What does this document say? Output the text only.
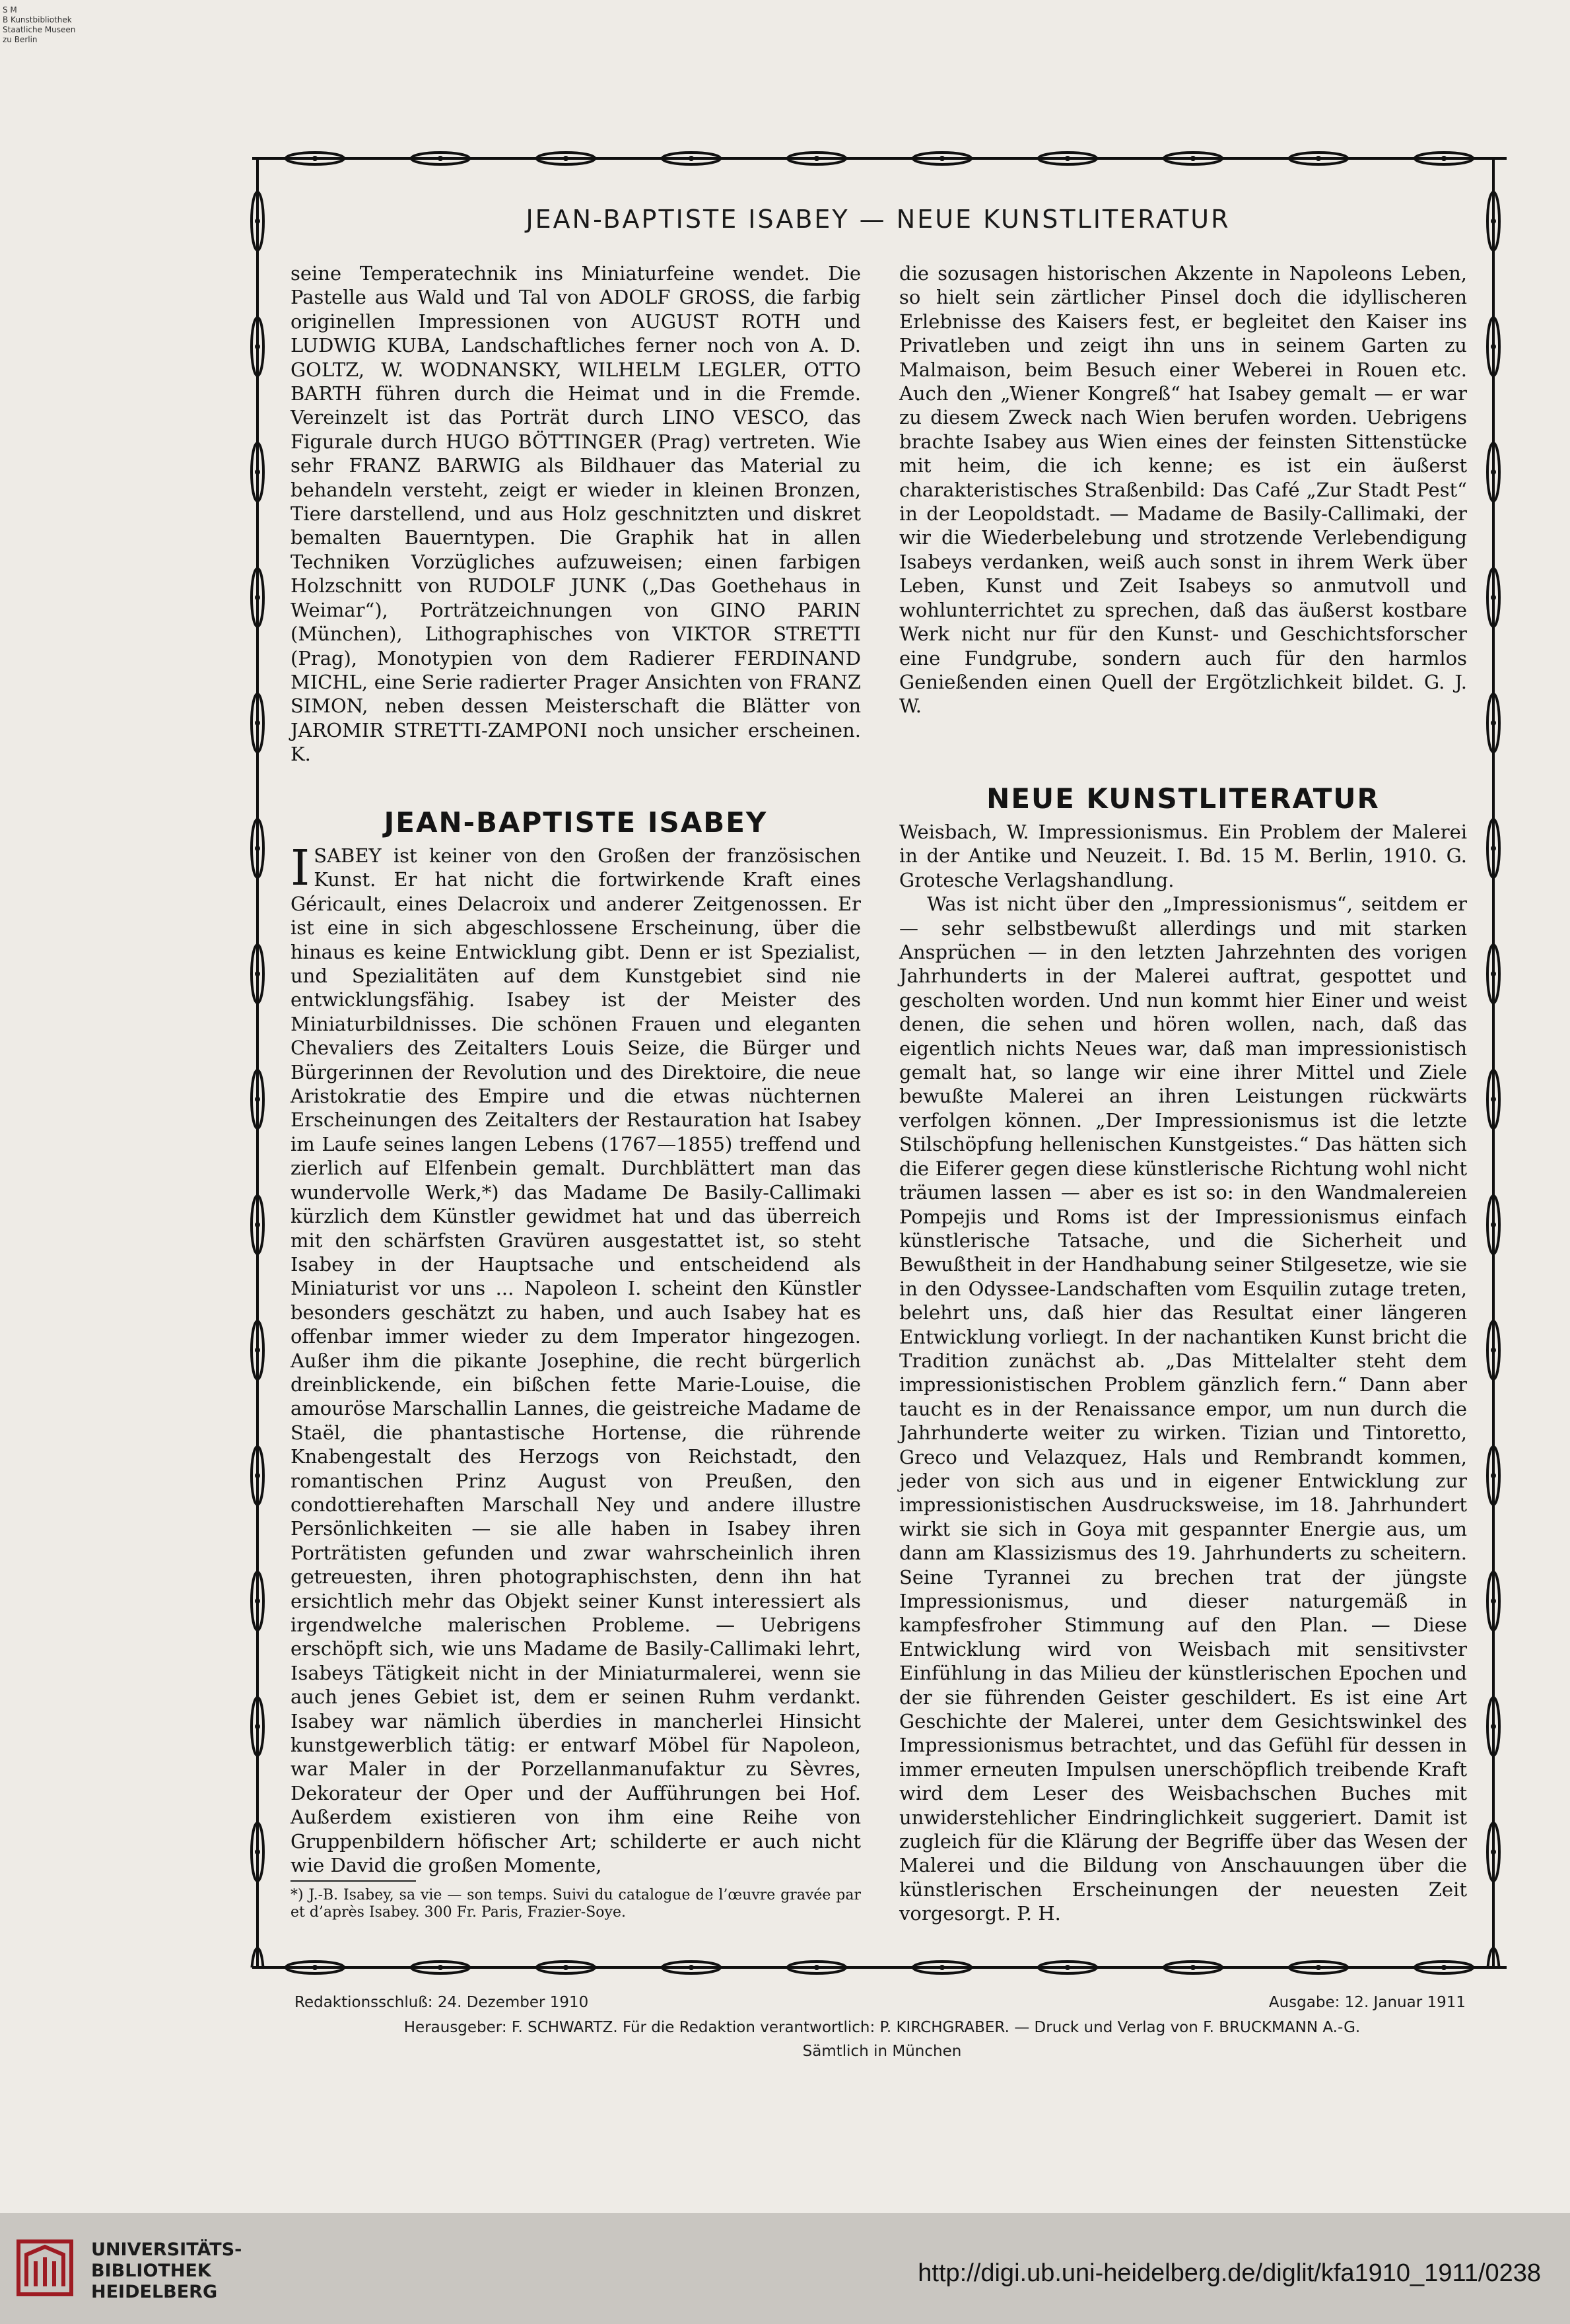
S M
B Kunstbibliothek
Staatliche Museen
zu Berlin
JEAN-BAPTISTE ISABEY — NEUE KUNSTLITERATUR

seine Temperatechnik ins Miniaturfeine wendet. Die Pastelle aus Wald und Tal von ADOLF GROSS, die farbig originellen Impressionen von AUGUST ROTH und LUDWIG KUBA, Landschaftliches ferner noch von A. D. GOLTZ, W. WODNANSKY, WILHELM LEGLER, OTTO BARTH führen durch die Heimat und in die Fremde. Vereinzelt ist das Porträt durch LINO VESCO, das Figurale durch HUGO BÖTTINGER (Prag) vertreten. Wie sehr FRANZ BARWIG als Bildhauer das Material zu behandeln versteht, zeigt er wieder in kleinen Bronzen, Tiere darstellend, und aus Holz geschnitzten und diskret bemalten Bauerntypen. Die Graphik hat in allen Techniken Vorzügliches aufzuweisen; einen farbigen Holzschnitt von RUDOLF JUNK („Das Goethehaus in Weimar“), Porträtzeichnungen von GINO PARIN (München), Lithographisches von VIKTOR STRETTI (Prag), Monotypien von dem Radierer FERDINAND MICHL, eine Serie radierter Prager Ansichten von FRANZ SIMON, neben dessen Meisterschaft die Blätter von JAROMIR STRETTI-ZAMPONI noch unsicher erscheinen. K.

JEAN-BAPTISTE ISABEY

ISABEY ist keiner von den Großen der französischen Kunst. Er hat nicht die fortwirkende Kraft eines Géricault, eines Delacroix und anderer Zeitgenossen. Er ist eine in sich abgeschlossene Erscheinung, über die hinaus es keine Entwicklung gibt. Denn er ist Spezialist, und Spezialitäten auf dem Kunstgebiet sind nie entwicklungsfähig. Isabey ist der Meister des Miniaturbildnisses. Die schönen Frauen und eleganten Chevaliers des Zeitalters Louis Seize, die Bürger und Bürgerinnen der Revolution und des Direktoire, die neue Aristokratie des Empire und die etwas nüchternen Erscheinungen des Zeitalters der Restauration hat Isabey im Laufe seines langen Lebens (1767—1855) treffend und zierlich auf Elfenbein gemalt. Durchblättert man das wundervolle Werk,*) das Madame De Basily-Callimaki kürzlich dem Künstler gewidmet hat und das überreich mit den schärfsten Gravüren ausgestattet ist, so steht Isabey in der Hauptsache und entscheidend als Miniaturist vor uns ... Napoleon I. scheint den Künstler besonders geschätzt zu haben, und auch Isabey hat es offenbar immer wieder zu dem Imperator hingezogen. Außer ihm die pikante Josephine, die recht bürgerlich dreinblickende, ein bißchen fette Marie-Louise, die amouröse Marschallin Lannes, die geistreiche Madame de Staël, die phantastische Hortense, die rührende Knabengestalt des Herzogs von Reichstadt, den romantischen Prinz August von Preußen, den condottierehaften Marschall Ney und andere illustre Persönlichkeiten — sie alle haben in Isabey ihren Porträtisten gefunden und zwar wahrscheinlich ihren getreuesten, ihren photographischsten, denn ihn hat ersichtlich mehr das Objekt seiner Kunst interessiert als irgendwelche malerischen Probleme. — Uebrigens erschöpft sich, wie uns Madame de Basily-Callimaki lehrt, Isabeys Tätigkeit nicht in der Miniaturmalerei, wenn sie auch jenes Gebiet ist, dem er seinen Ruhm verdankt. Isabey war nämlich überdies in mancherlei Hinsicht kunstgewerblich tätig: er entwarf Möbel für Napoleon, war Maler in der Porzellanmanufaktur zu Sèvres, Dekorateur der Oper und der Aufführungen bei Hof. Außerdem existieren von ihm eine Reihe von Gruppenbildern höfischer Art; schilderte er auch nicht wie David die großen Momente,

*) J.-B. Isabey, sa vie — son temps. Suivi du catalogue de l’œuvre gravée par et d’après Isabey. 300 Fr. Paris, Frazier-Soye.

die sozusagen historischen Akzente in Napoleons Leben, so hielt sein zärtlicher Pinsel doch die idyllischeren Erlebnisse des Kaisers fest, er begleitet den Kaiser ins Privatleben und zeigt ihn uns in seinem Garten zu Malmaison, beim Besuch einer Weberei in Rouen etc. Auch den „Wiener Kongreß“ hat Isabey gemalt — er war zu diesem Zweck nach Wien berufen worden. Uebrigens brachte Isabey aus Wien eines der feinsten Sittenstücke mit heim, die ich kenne; es ist ein äußerst charakteristisches Straßenbild: Das Café „Zur Stadt Pest“ in der Leopoldstadt. — Madame de Basily-Callimaki, der wir die Wiederbelebung und strotzende Verlebendigung Isabeys verdanken, weiß auch sonst in ihrem Werk über Leben, Kunst und Zeit Isabeys so anmutvoll und wohlunterrichtet zu sprechen, daß das äußerst kostbare Werk nicht nur für den Kunst- und Geschichtsforscher eine Fundgrube, sondern auch für den harmlos Genießenden einen Quell der Ergötzlichkeit bildet. G. J. W.

NEUE KUNSTLITERATUR

Weisbach, W. Impressionismus. Ein Problem der Malerei in der Antike und Neuzeit. I. Bd. 15 M. Berlin, 1910. G. Grotesche Verlagshandlung.

Was ist nicht über den „Impressionismus“, seitdem er — sehr selbstbewußt allerdings und mit starken Ansprüchen — in den letzten Jahrzehnten des vorigen Jahrhunderts in der Malerei auftrat, gespottet und gescholten worden. Und nun kommt hier Einer und weist denen, die sehen und hören wollen, nach, daß das eigentlich nichts Neues war, daß man impressionistisch gemalt hat, so lange wir eine ihrer Mittel und Ziele bewußte Malerei an ihren Leistungen rückwärts verfolgen können. „Der Impressionismus ist die letzte Stilschöpfung hellenischen Kunstgeistes.“ Das hätten sich die Eiferer gegen diese künstlerische Richtung wohl nicht träumen lassen — aber es ist so: in den Wandmalereien Pompejis und Roms ist der Impressionismus einfach künstlerische Tatsache, und die Sicherheit und Bewußtheit in der Handhabung seiner Stilgesetze, wie sie in den Odyssee-Landschaften vom Esquilin zutage treten, belehrt uns, daß hier das Resultat einer längeren Entwicklung vorliegt. In der nachantiken Kunst bricht die Tradition zunächst ab. „Das Mittelalter steht dem impressionistischen Problem gänzlich fern.“ Dann aber taucht es in der Renaissance empor, um nun durch die Jahrhunderte weiter zu wirken. Tizian und Tintoretto, Greco und Velazquez, Hals und Rembrandt kommen, jeder von sich aus und in eigener Entwicklung zur impressionistischen Ausdrucksweise, im 18. Jahrhundert wirkt sie sich in Goya mit gespannter Energie aus, um dann am Klassizismus des 19. Jahrhunderts zu scheitern. Seine Tyrannei zu brechen trat der jüngste Impressionismus, und dieser naturgemäß in kampfesfroher Stimmung auf den Plan. — Diese Entwicklung wird von Weisbach mit sensitivster Einfühlung in das Milieu der künstlerischen Epochen und der sie führenden Geister geschildert. Es ist eine Art Geschichte der Malerei, unter dem Gesichtswinkel des Impressionismus betrachtet, und das Gefühl für dessen in immer erneuten Impulsen unerschöpflich treibende Kraft wird dem Leser des Weisbachschen Buches mit unwiderstehlicher Eindringlichkeit suggeriert. Damit ist zugleich für die Klärung der Begriffe über das Wesen der Malerei und die Bildung von Anschauungen über die künstlerischen Erscheinungen der neuesten Zeit vorgesorgt. P. H.

Redaktionsschluß: 24. Dezember 1910	Ausgabe: 12. Januar 1911
Herausgeber: F. SCHWARTZ. Für die Redaktion verantwortlich: P. KIRCHGRABER. — Druck und Verlag von F. BRUCKMANN A.-G.
Sämtlich in München
UNIVERSITÄTS-
BIBLIOTHEK
HEIDELBERG
http://digi.ub.uni-heidelberg.de/diglit/kfa1910_1911/0238
